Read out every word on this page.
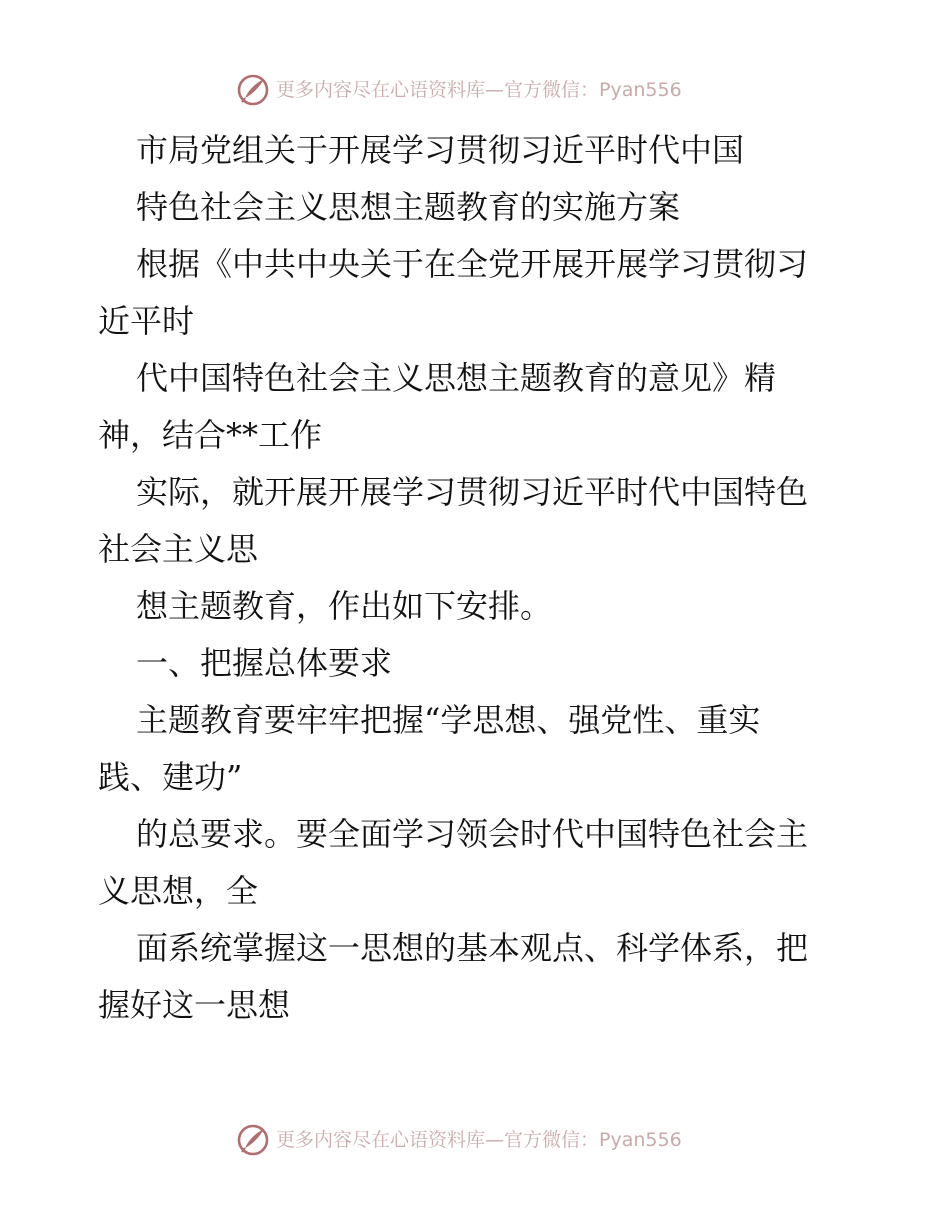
更多内容尽在心语资料库—官方微信：Pyan556
市局党组关于开展学习贯彻习近平时代中国
特色社会主义思想主题教育的实施方案
根据《中共中央关于在全党开展开展学习贯彻习
近平时
代中国特色社会主义思想主题教育的意见》精
神，结合**工作
实际，就开展开展学习贯彻习近平时代中国特色
社会主义思
想主题教育，作出如下安排。
一、把握总体要求
主题教育要牢牢把握“学思想、强党性、重实
践、建功”
的总要求。要全面学习领会时代中国特色社会主
义思想，全
面系统掌握这一思想的基本观点、科学体系，把
握好这一思想
更多内容尽在心语资料库—官方微信：Pyan556
